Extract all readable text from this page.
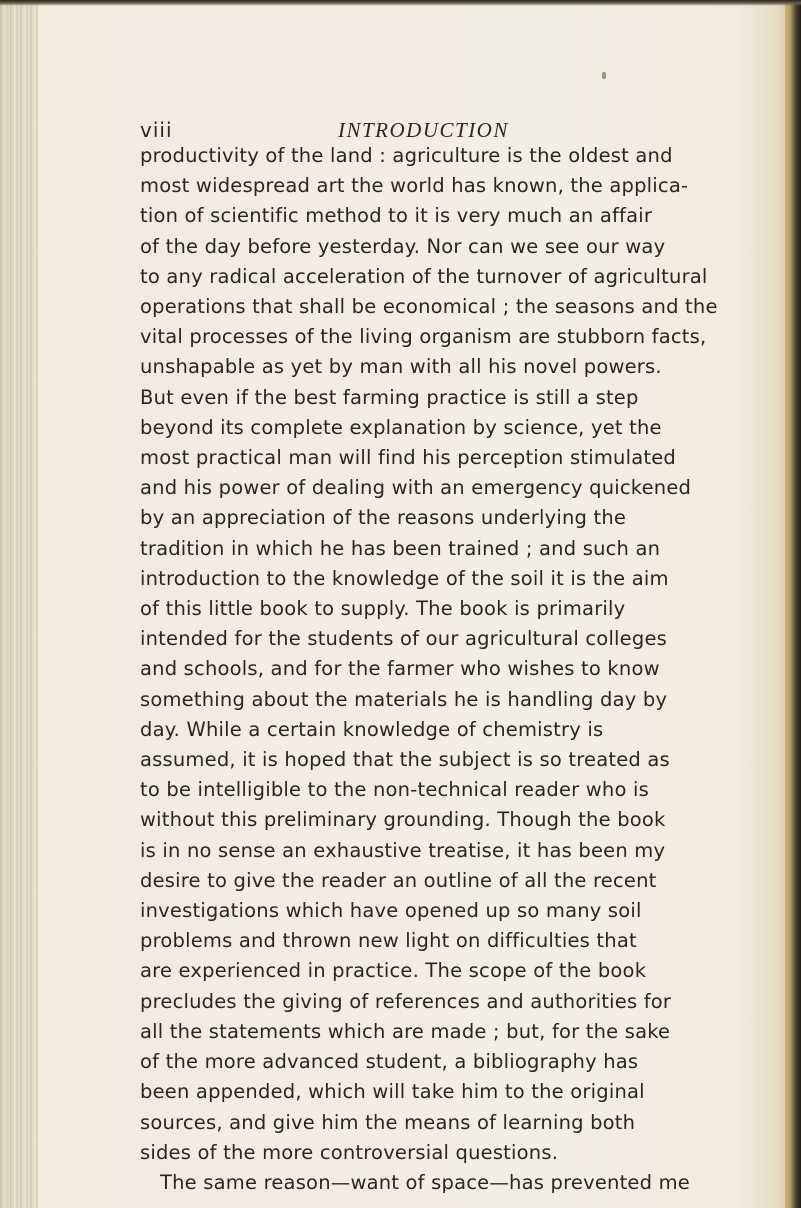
viii	INTRODUCTION
productivity of the land : agriculture is the oldest and
most widespread art the world has known, the applica-
tion of scientific method to it is very much an affair
of the day before yesterday. Nor can we see our way
to any radical acceleration of the turnover of agricultural
operations that shall be economical ; the seasons and the
vital processes of the living organism are stubborn facts,
unshapable as yet by man with all his novel powers.
But even if the best farming practice is still a step
beyond its complete explanation by science, yet the
most practical man will find his perception stimulated
and his power of dealing with an emergency quickened
by an appreciation of the reasons underlying the
tradition in which he has been trained ; and such an
introduction to the knowledge of the soil it is the aim
of this little book to supply. The book is primarily
intended for the students of our agricultural colleges
and schools, and for the farmer who wishes to know
something about the materials he is handling day by
day. While a certain knowledge of chemistry is
assumed, it is hoped that the subject is so treated as
to be intelligible to the non-technical reader who is
without this preliminary grounding. Though the book
is in no sense an exhaustive treatise, it has been my
desire to give the reader an outline of all the recent
investigations which have opened up so many soil
problems and thrown new light on difficulties that
are experienced in practice. The scope of the book
precludes the giving of references and authorities for
all the statements which are made ; but, for the sake
of the more advanced student, a bibliography has
been appended, which will take him to the original
sources, and give him the means of learning both
sides of the more controversial questions.
The same reason—want of space—has prevented me
